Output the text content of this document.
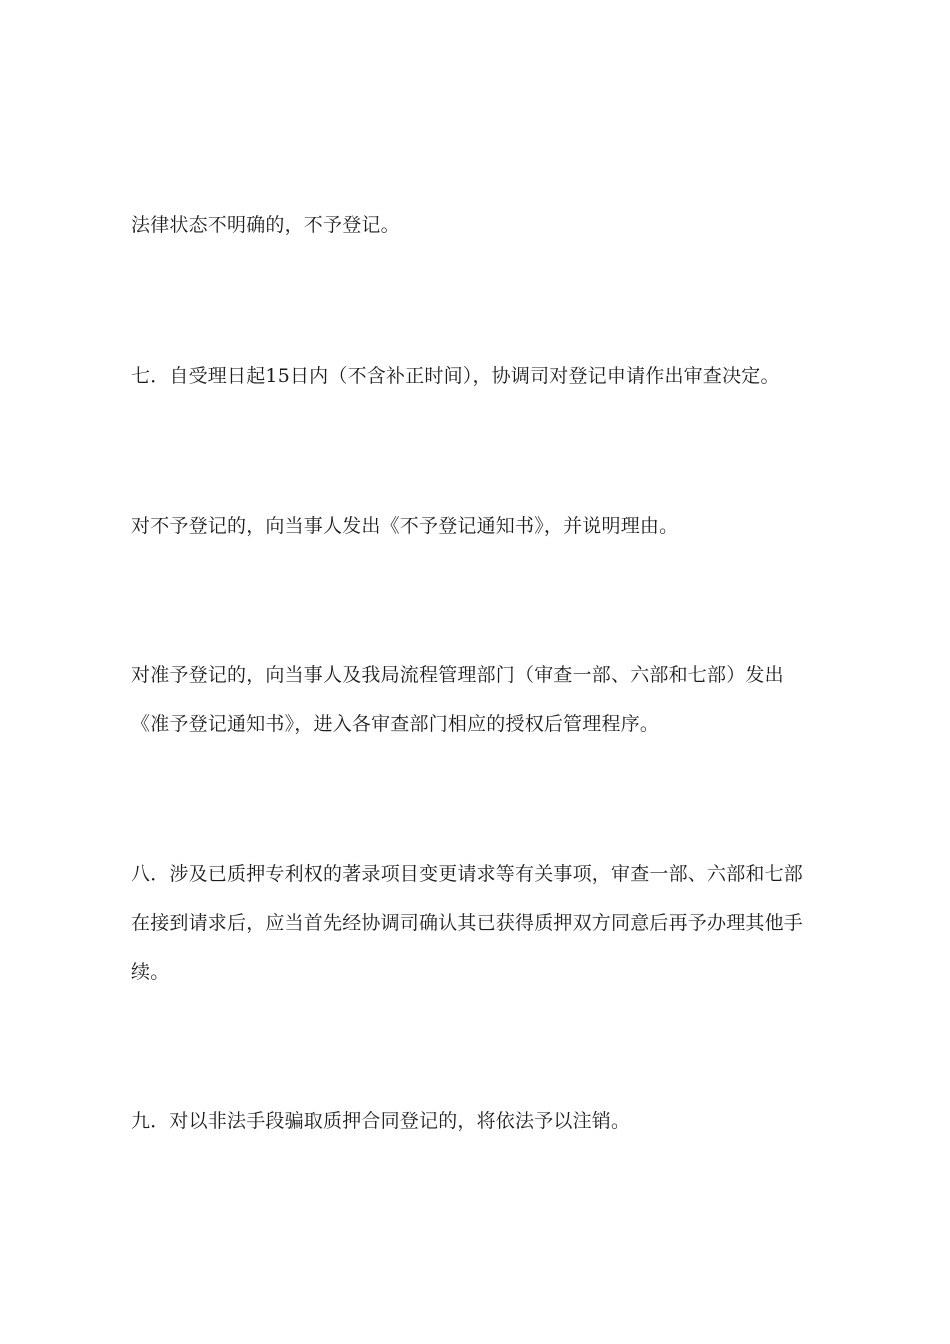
法律状态不明确的，不予登记。
七．自受理日起15日内（不含补正时间），协调司对登记申请作出审查决定。
对不予登记的，向当事人发出《不予登记通知书》，并说明理由。
对准予登记的，向当事人及我局流程管理部门（审查一部、六部和七部）发出
《准予登记通知书》，进入各审查部门相应的授权后管理程序。
八．涉及已质押专利权的著录项目变更请求等有关事项，审查一部、六部和七部
在接到请求后，应当首先经协调司确认其已获得质押双方同意后再予办理其他手
续。
九．对以非法手段骗取质押合同登记的，将依法予以注销。
